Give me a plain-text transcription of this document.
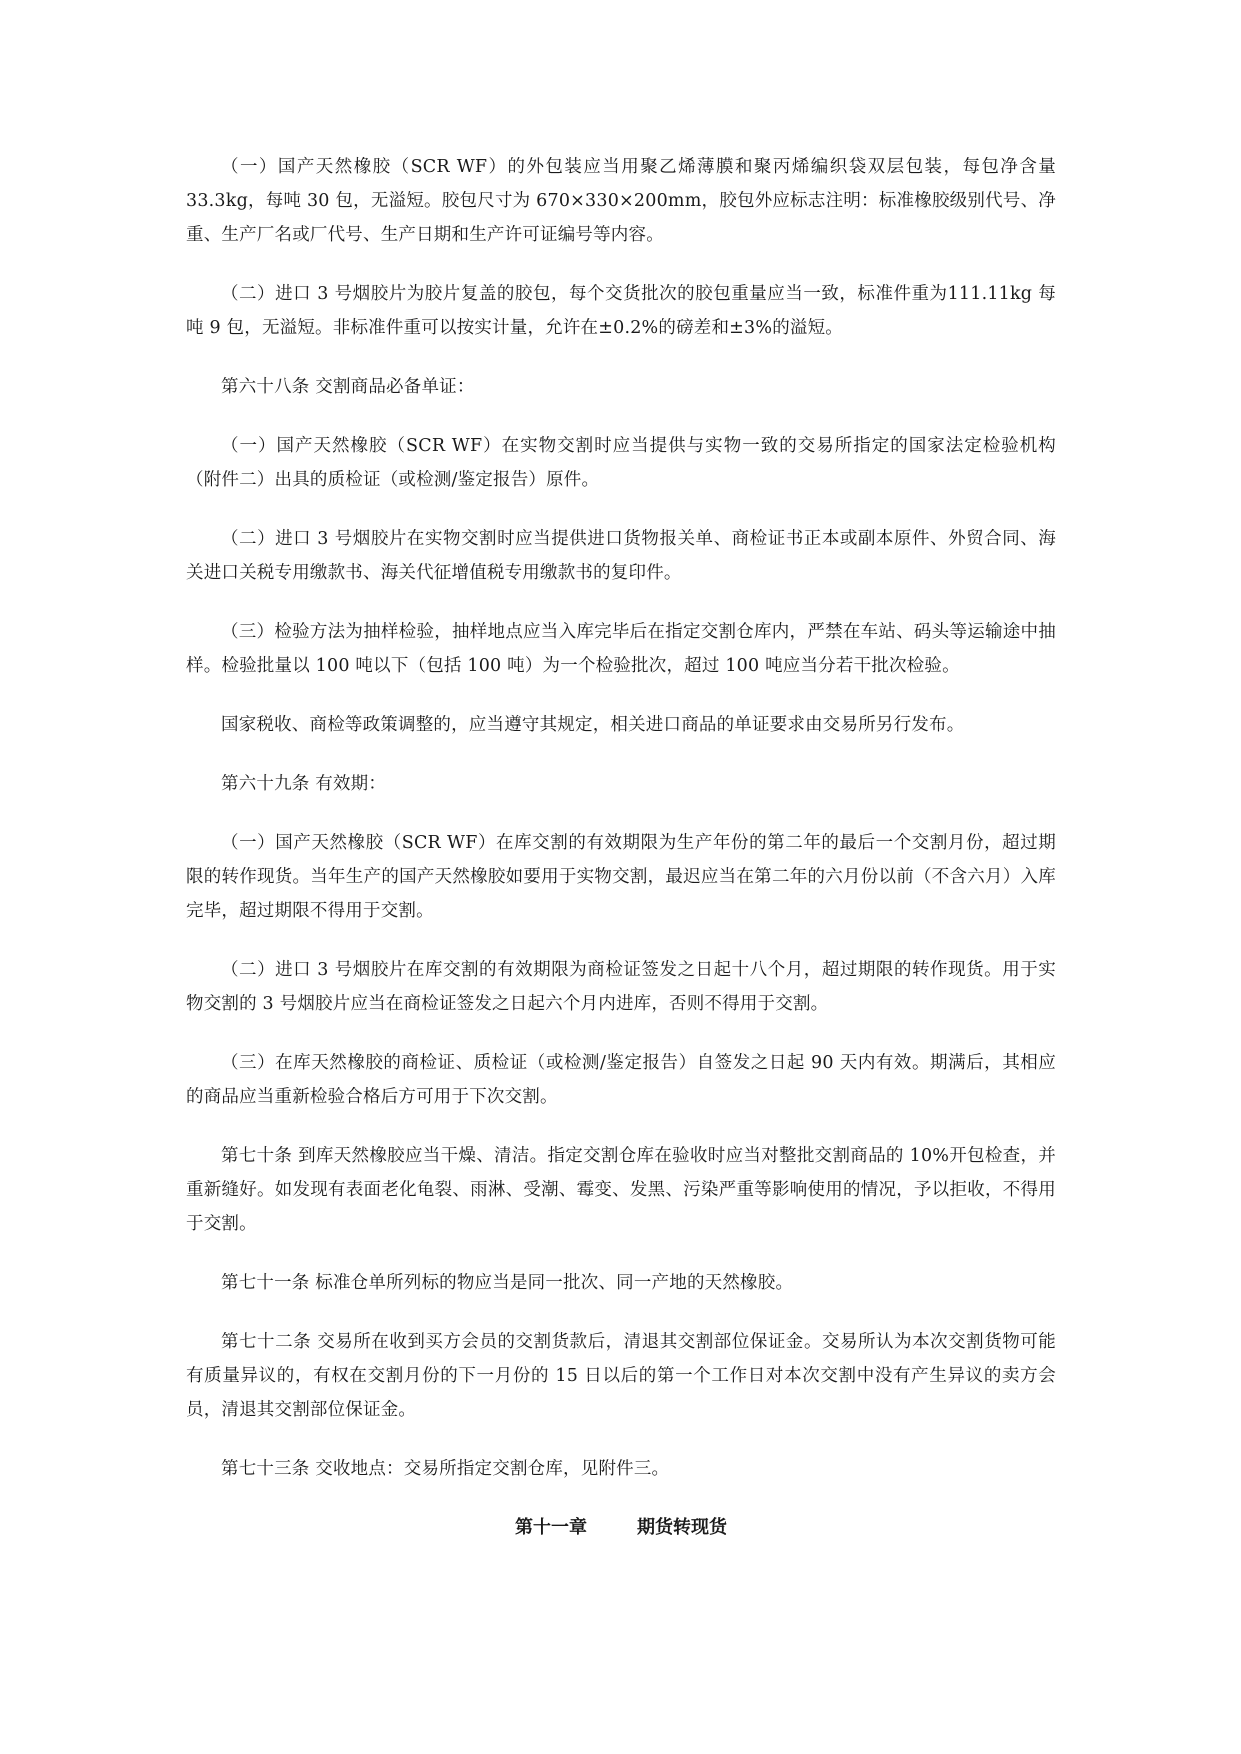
（一）国产天然橡胶（SCR WF）的外包装应当用聚乙烯薄膜和聚丙烯编织袋双层包装，每包净含量 33.3kg，每吨 30 包，无溢短。胶包尺寸为 670×330×200mm，胶包外应标志注明：标准橡胶级别代号、净重、生产厂名或厂代号、生产日期和生产许可证编号等内容。

（二）进口 3 号烟胶片为胶片复盖的胶包，每个交货批次的胶包重量应当一致，标准件重为111.11kg 每吨 9 包，无溢短。非标准件重可以按实计量，允许在±0.2%的磅差和±3%的溢短。

第六十八条 交割商品必备单证：

（一）国产天然橡胶（SCR WF）在实物交割时应当提供与实物一致的交易所指定的国家法定检验机构（附件二）出具的质检证（或检测/鉴定报告）原件。

（二）进口 3 号烟胶片在实物交割时应当提供进口货物报关单、商检证书正本或副本原件、外贸合同、海关进口关税专用缴款书、海关代征增值税专用缴款书的复印件。

（三）检验方法为抽样检验，抽样地点应当入库完毕后在指定交割仓库内，严禁在车站、码头等运输途中抽样。检验批量以 100 吨以下（包括 100 吨）为一个检验批次，超过 100 吨应当分若干批次检验。

国家税收、商检等政策调整的，应当遵守其规定，相关进口商品的单证要求由交易所另行发布。

第六十九条 有效期：

（一）国产天然橡胶（SCR WF）在库交割的有效期限为生产年份的第二年的最后一个交割月份，超过期限的转作现货。当年生产的国产天然橡胶如要用于实物交割，最迟应当在第二年的六月份以前（不含六月）入库完毕，超过期限不得用于交割。

（二）进口 3 号烟胶片在库交割的有效期限为商检证签发之日起十八个月，超过期限的转作现货。用于实物交割的 3 号烟胶片应当在商检证签发之日起六个月内进库，否则不得用于交割。

（三）在库天然橡胶的商检证、质检证（或检测/鉴定报告）自签发之日起 90 天内有效。期满后，其相应的商品应当重新检验合格后方可用于下次交割。

第七十条 到库天然橡胶应当干燥、清洁。指定交割仓库在验收时应当对整批交割商品的 10%开包检查，并重新缝好。如发现有表面老化龟裂、雨淋、受潮、霉变、发黑、污染严重等影响使用的情况，予以拒收，不得用于交割。

第七十一条 标准仓单所列标的物应当是同一批次、同一产地的天然橡胶。

第七十二条 交易所在收到买方会员的交割货款后，清退其交割部位保证金。交易所认为本次交割货物可能有质量异议的，有权在交割月份的下一月份的 15 日以后的第一个工作日对本次交割中没有产生异议的卖方会员，清退其交割部位保证金。

第七十三条 交收地点：交易所指定交割仓库，见附件三。

第十一章	期货转现货
